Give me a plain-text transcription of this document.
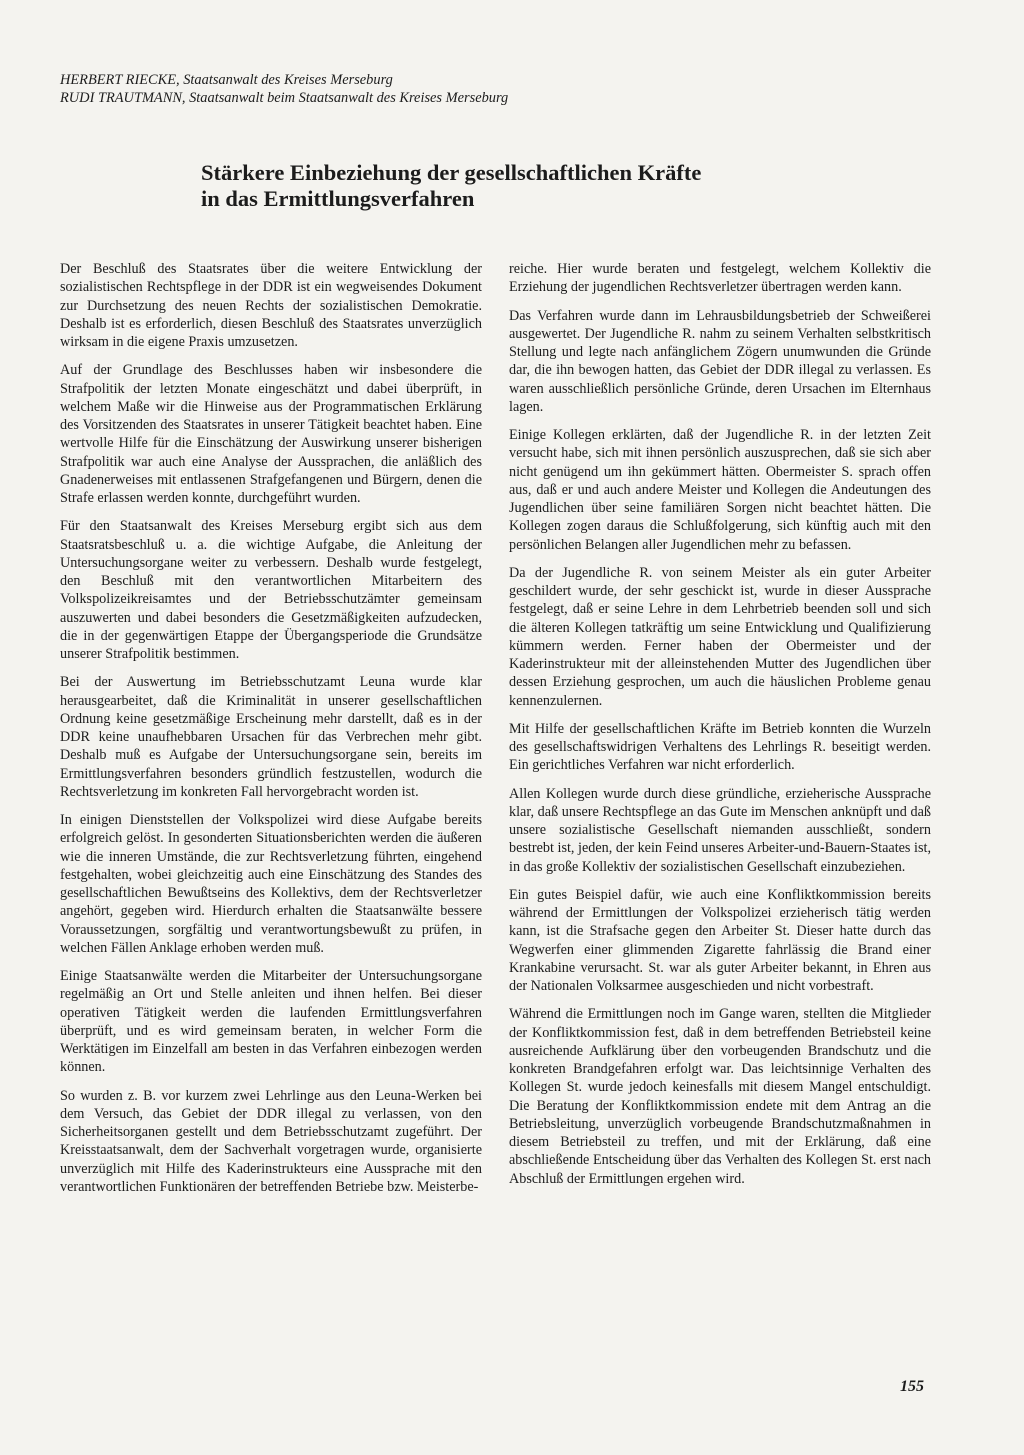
HERBERT RIECKE, Staatsanwalt des Kreises Merseburg
RUDI TRAUTMANN, Staatsanwalt beim Staatsanwalt des Kreises Merseburg
Stärkere Einbeziehung der gesellschaftlichen Kräfte
in das Ermittlungsverfahren

Der Beschluß des Staatsrates über die weitere Entwicklung der sozialistischen Rechtspflege in der DDR ist ein wegweisendes Dokument zur Durchsetzung des neuen Rechts der sozialistischen Demokratie. Deshalb ist es erforderlich, diesen Beschluß des Staatsrates unverzüglich wirksam in die eigene Praxis umzusetzen.

Auf der Grundlage des Beschlusses haben wir insbesondere die Strafpolitik der letzten Monate eingeschätzt und dabei überprüft, in welchem Maße wir die Hinweise aus der Programmatischen Erklärung des Vorsitzenden des Staatsrates in unserer Tätigkeit beachtet haben. Eine wertvolle Hilfe für die Einschätzung der Auswirkung unserer bisherigen Strafpolitik war auch eine Analyse der Aussprachen, die anläßlich des Gnadenerweises mit entlassenen Strafgefangenen und Bürgern, denen die Strafe erlassen werden konnte, durchgeführt wurden.

Für den Staatsanwalt des Kreises Merseburg ergibt sich aus dem Staatsratsbeschluß u. a. die wichtige Aufgabe, die Anleitung der Untersuchungsorgane weiter zu verbessern. Deshalb wurde festgelegt, den Beschluß mit den verantwortlichen Mitarbeitern des Volkspolizeikreisamtes und der Betriebsschutzämter gemeinsam auszuwerten und dabei besonders die Gesetzmäßigkeiten aufzudecken, die in der gegenwärtigen Etappe der Übergangsperiode die Grundsätze unserer Strafpolitik bestimmen.

Bei der Auswertung im Betriebsschutzamt Leuna wurde klar herausgearbeitet, daß die Kriminalität in unserer gesellschaftlichen Ordnung keine gesetzmäßige Erscheinung mehr darstellt, daß es in der DDR keine unaufhebbaren Ursachen für das Verbrechen mehr gibt. Deshalb muß es Aufgabe der Untersuchungsorgane sein, bereits im Ermittlungsverfahren besonders gründlich festzustellen, wodurch die Rechtsverletzung im konkreten Fall hervorgebracht worden ist.

In einigen Dienststellen der Volkspolizei wird diese Aufgabe bereits erfolgreich gelöst. In gesonderten Situationsberichten werden die äußeren wie die inneren Umstände, die zur Rechtsverletzung führten, eingehend festgehalten, wobei gleichzeitig auch eine Einschätzung des Standes des gesellschaftlichen Bewußtseins des Kollektivs, dem der Rechtsverletzer angehört, gegeben wird. Hierdurch erhalten die Staatsanwälte bessere Voraussetzungen, sorgfältig und verantwortungsbewußt zu prüfen, in welchen Fällen Anklage erhoben werden muß.

Einige Staatsanwälte werden die Mitarbeiter der Untersuchungsorgane regelmäßig an Ort und Stelle anleiten und ihnen helfen. Bei dieser operativen Tätigkeit werden die laufenden Ermittlungsverfahren überprüft, und es wird gemeinsam beraten, in welcher Form die Werktätigen im Einzelfall am besten in das Verfahren einbezogen werden können.

So wurden z. B. vor kurzem zwei Lehrlinge aus den Leuna-Werken bei dem Versuch, das Gebiet der DDR illegal zu verlassen, von den Sicherheitsorganen gestellt und dem Betriebsschutzamt zugeführt. Der Kreisstaatsanwalt, dem der Sachverhalt vorgetragen wurde, organisierte unverzüglich mit Hilfe des Kaderinstrukteurs eine Aussprache mit den verantwortlichen Funktionären der betreffenden Betriebe bzw. Meisterbe-

reiche. Hier wurde beraten und festgelegt, welchem Kollektiv die Erziehung der jugendlichen Rechtsverletzer übertragen werden kann.

Das Verfahren wurde dann im Lehrausbildungsbetrieb der Schweißerei ausgewertet. Der Jugendliche R. nahm zu seinem Verhalten selbstkritisch Stellung und legte nach anfänglichem Zögern unumwunden die Gründe dar, die ihn bewogen hatten, das Gebiet der DDR illegal zu verlassen. Es waren ausschließlich persönliche Gründe, deren Ursachen im Elternhaus lagen.

Einige Kollegen erklärten, daß der Jugendliche R. in der letzten Zeit versucht habe, sich mit ihnen persönlich auszusprechen, daß sie sich aber nicht genügend um ihn gekümmert hätten. Obermeister S. sprach offen aus, daß er und auch andere Meister und Kollegen die Andeutungen des Jugendlichen über seine familiären Sorgen nicht beachtet hätten. Die Kollegen zogen daraus die Schlußfolgerung, sich künftig auch mit den persönlichen Belangen aller Jugendlichen mehr zu befassen.

Da der Jugendliche R. von seinem Meister als ein guter Arbeiter geschildert wurde, der sehr geschickt ist, wurde in dieser Aussprache festgelegt, daß er seine Lehre in dem Lehrbetrieb beenden soll und sich die älteren Kollegen tatkräftig um seine Entwicklung und Qualifizierung kümmern werden. Ferner haben der Obermeister und der Kaderinstrukteur mit der alleinstehenden Mutter des Jugendlichen über dessen Erziehung gesprochen, um auch die häuslichen Probleme genau kennenzulernen.

Mit Hilfe der gesellschaftlichen Kräfte im Betrieb konnten die Wurzeln des gesellschaftswidrigen Verhaltens des Lehrlings R. beseitigt werden. Ein gerichtliches Verfahren war nicht erforderlich.

Allen Kollegen wurde durch diese gründliche, erzieherische Aussprache klar, daß unsere Rechtspflege an das Gute im Menschen anknüpft und daß unsere sozialistische Gesellschaft niemanden ausschließt, sondern bestrebt ist, jeden, der kein Feind unseres Arbeiter-und-Bauern-Staates ist, in das große Kollektiv der sozialistischen Gesellschaft einzubeziehen.

Ein gutes Beispiel dafür, wie auch eine Konfliktkommission bereits während der Ermittlungen der Volkspolizei erzieherisch tätig werden kann, ist die Strafsache gegen den Arbeiter St. Dieser hatte durch das Wegwerfen einer glimmenden Zigarette fahrlässig die Brand einer Krankabine verursacht. St. war als guter Arbeiter bekannt, in Ehren aus der Nationalen Volksarmee ausgeschieden und nicht vorbestraft.

Während die Ermittlungen noch im Gange waren, stellten die Mitglieder der Konfliktkommission fest, daß in dem betreffenden Betriebsteil keine ausreichende Aufklärung über den vorbeugenden Brandschutz und die konkreten Brandgefahren erfolgt war. Das leichtsinnige Verhalten des Kollegen St. wurde jedoch keinesfalls mit diesem Mangel entschuldigt. Die Beratung der Konfliktkommission endete mit dem Antrag an die Betriebsleitung, unverzüglich vorbeugende Brandschutzmaßnahmen in diesem Betriebsteil zu treffen, und mit der Erklärung, daß eine abschließende Entscheidung über das Verhalten des Kollegen St. erst nach Abschluß der Ermittlungen ergehen wird.

155
